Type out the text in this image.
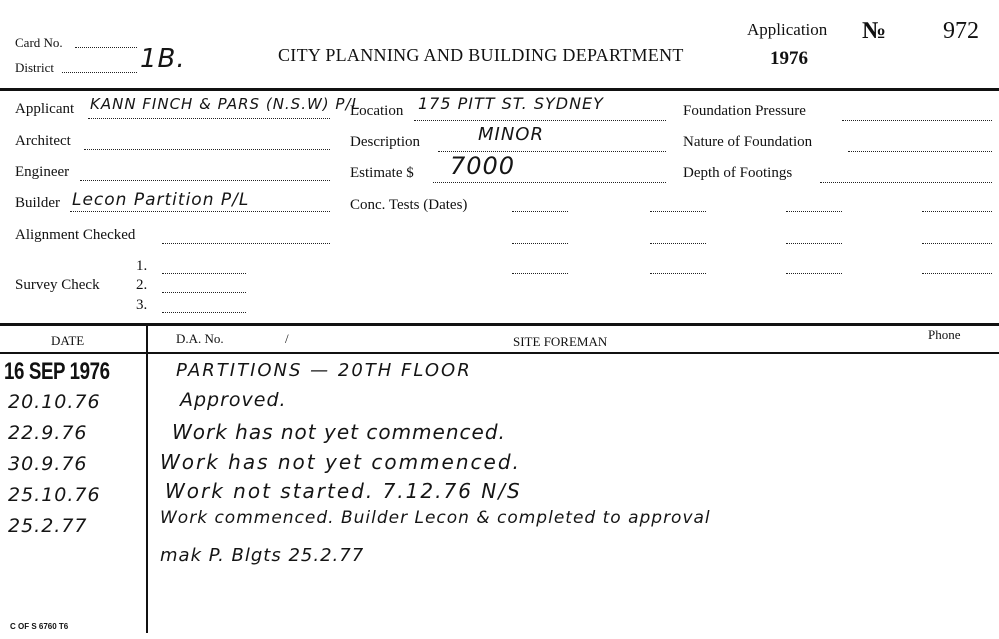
Card No.
District	1B.	CITY PLANNING AND BUILDING DEPARTMENT
Application
1976
№ 972
Applicant KANN FINCH & PARS (N.S.W) P/L
Architect
Engineer
Builder Lecon Partition P/L
Alignment Checked
Survey Check
1.
2.
3.
Location 175 PITT ST. SYDNEY
Description	MINOR
Estimate $ 7000
Conc. Tests (Dates)
Foundation Pressure
Nature of Foundation
Depth of Footings
DATE	D.A. No.	/	SITE FOREMAN	Phone
16 SEP 1976	PARTITIONS — 20TH FLOOR
20.10.76	Approved.
22.9.76	Work has not yet commenced.
30.9.76	Work has not yet commenced.
25.10.76	Work not started. 7.12.76 N/S
25.2.77	Work commenced. Builder Lecon & completed to approval
mak P. Blgts 25.2.77
C OF S 6760 T6
